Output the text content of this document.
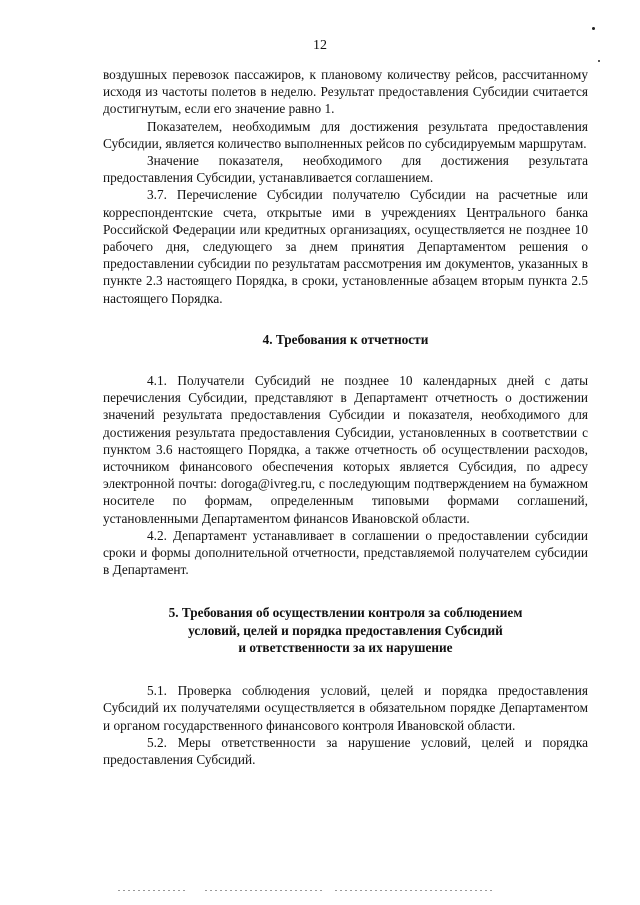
12

воздушных перевозок пассажиров, к плановому количеству рейсов, рассчитанному исходя из частоты полетов в неделю. Результат предоставления Субсидии считается достигнутым, если его значение равно 1.

Показателем, необходимым для достижения результата предоставления Субсидии, является количество выполненных рейсов по субсидируемым маршрутам.

Значение показателя, необходимого для достижения результата предоставления Субсидии, устанавливается соглашением.

3.7. Перечисление Субсидии получателю Субсидии на расчетные или корреспондентские счета, открытые ими в учреждениях Центрального банка Российской Федерации или кредитных организациях, осуществляется не позднее 10 рабочего дня, следующего за днем принятия Департаментом решения о предоставлении субсидии по результатам рассмотрения им документов, указанных в пункте 2.3 настоящего Порядка, в сроки, установленные абзацем вторым пункта 2.5 настоящего Порядка.

4. Требования к отчетности

4.1. Получатели Субсидий не позднее 10 календарных дней с даты перечисления Субсидии, представляют в Департамент отчетность о достижении значений результата предоставления Субсидии и показателя, необходимого для достижения результата предоставления Субсидии, установленных в соответствии с пунктом 3.6 настоящего Порядка, а также отчетность об осуществлении расходов, источником финансового обеспечения которых является Субсидия, по адресу электронной почты: doroga@ivreg.ru, с последующим подтверждением на бумажном носителе по формам, определенным типовыми формами соглашений, установленными Департаментом финансов Ивановской области.

4.2. Департамент устанавливает в соглашении о предоставлении субсидии сроки и формы дополнительной отчетности, представляемой получателем субсидии в Департамент.

5. Требования об осуществлении контроля за соблюдением
условий, целей и порядка предоставления Субсидий
и ответственности за их нарушение

5.1. Проверка соблюдения условий, целей и порядка предоставления Субсидий их получателями осуществляется в обязательном порядке Департаментом и органом государственного финансового контроля Ивановской области.

5.2. Меры ответственности за нарушение условий, целей и порядка предоставления Субсидий.
